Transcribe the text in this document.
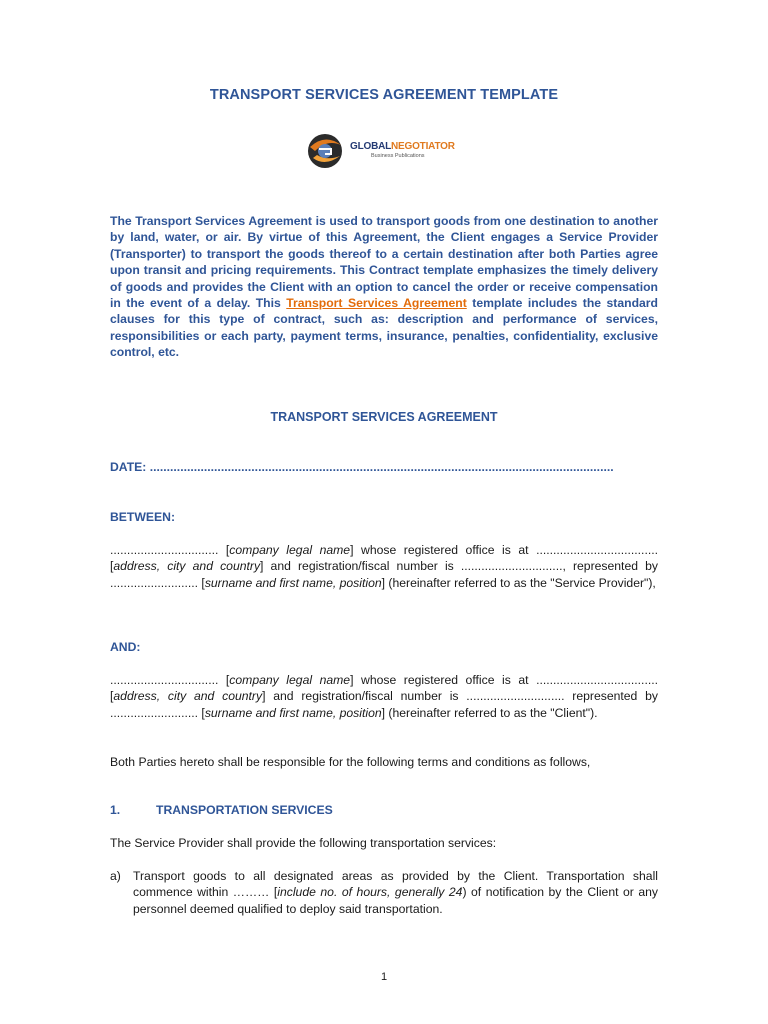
TRANSPORT SERVICES AGREEMENT TEMPLATE
GLOBALNEGOTIATOR
Business Publications
The Transport Services Agreement is used to transport goods from one destination to another by land, water, or air. By virtue of this Agreement, the Client engages a Service Provider (Transporter) to transport the goods thereof to a certain destination after both Parties agree upon transit and pricing requirements. This Contract template emphasizes the timely delivery of goods and provides the Client with an option to cancel the order or receive compensation in the event of a delay. This Transport Services Agreement template includes the standard clauses for this type of contract, such as: description and performance of services, responsibilities or each party, payment terms, insurance, penalties, confidentiality, exclusive control, etc.
TRANSPORT SERVICES AGREEMENT
DATE: .........................................................................................................................................
BETWEEN:
................................ [company legal name] whose registered office is at .................................... [address, city and country] and registration/fiscal number is .............................., represented by .......................... [surname and first name, position] (hereinafter referred to as the "Service Provider"),
AND:
................................ [company legal name] whose registered office is at .................................... [address, city and country] and registration/fiscal number is ............................. represented by .......................... [surname and first name, position] (hereinafter referred to as the "Client").
Both Parties hereto shall be responsible for the following terms and conditions as follows,
1.	TRANSPORTATION SERVICES
The Service Provider shall provide the following transportation services:
a) Transport goods to all designated areas as provided by the Client. Transportation shall commence within ……… [include no. of hours, generally 24) of notification by the Client or any personnel deemed qualified to deploy said transportation.
1
